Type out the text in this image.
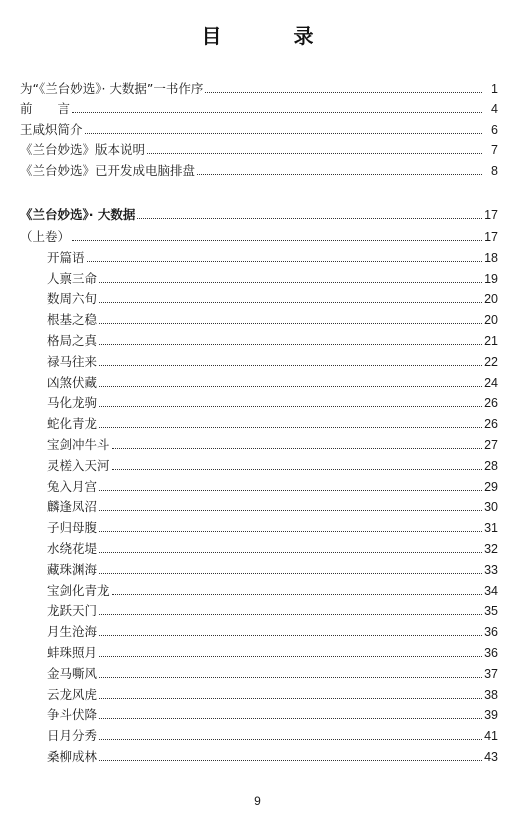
目　录
为“《兰台妙选》· 大数据”一书作序	1
前　　言	4
王咸炽简介	6
《兰台妙选》版本说明	7
《兰台妙选》已开发成电脑排盘	8
《兰台妙选》· 大数据	17
（上卷）	17
开篇语	18
人禀三命	19
数周六旬	20
根基之稳	20
格局之真	21
禄马往来	22
凶煞伏藏	24
马化龙驹	26
蛇化青龙	26
宝剑冲牛斗	27
灵槎入天河	28
兔入月宫	29
麟逢凤沼	30
子归母腹	31
水绕花堤	32
藏珠渊海	33
宝剑化青龙	34
龙跃天门	35
月生沧海	36
蚌珠照月	36
金马嘶风	37
云龙风虎	38
争斗伏降	39
日月分秀	41
桑柳成林	43
9
